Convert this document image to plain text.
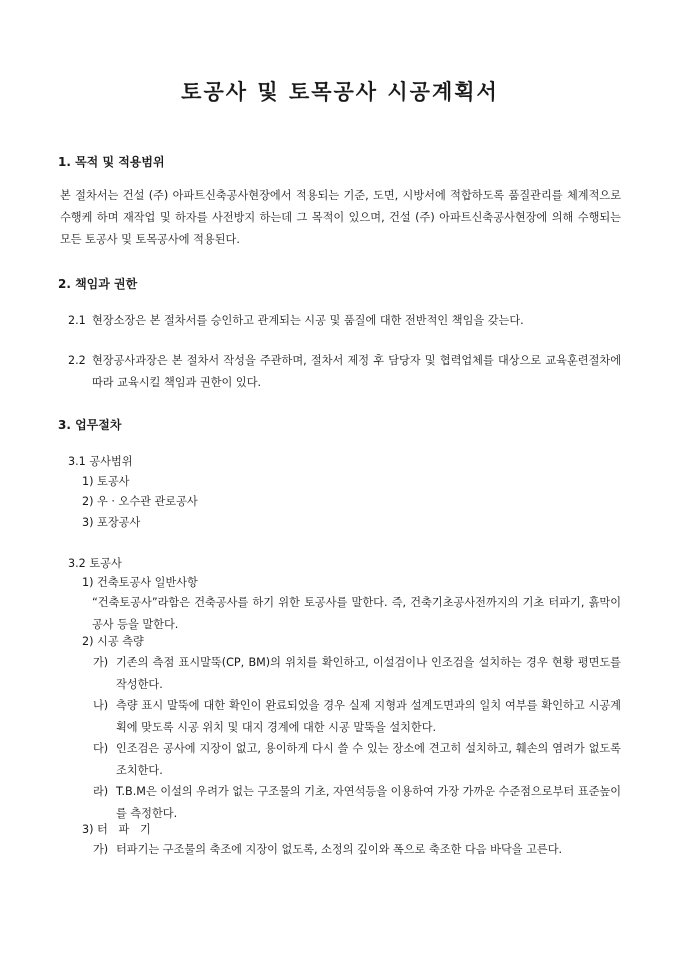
토공사 및 토목공사 시공계획서
1. 목적 및 적용범위
본 절차서는 건설 (주) 아파트신축공사현장에서 적용되는 기준, 도면, 시방서에 적합하도록 품질관리를 체계적으로 수행케 하며 재작업 및 하자를 사전방지 하는데 그 목적이 있으며, 건설 (주) 아파트신축공사현장에 의해 수행되는 모든 토공사 및 토목공사에 적용된다.
2. 책임과 권한
2.1 현장소장은 본 절차서를 승인하고 관계되는 시공 및 품질에 대한 전반적인 책임을 갖는다.
2.2 현장공사과장은 본 절차서 작성을 주관하며, 절차서 제정 후 담당자 및 협력업체를 대상으로 교육훈련절차에 따라 교육시킬 책임과 권한이 있다.
3. 업무절차
3.1 공사범위
1) 토공사
2) 우 · 오수관 관로공사
3) 포장공사
3.2 토공사
1) 건축토공사 일반사항
“건축토공사”라함은 건축공사를 하기 위한 토공사를 말한다. 즉, 건축기초공사전까지의 기초 터파기, 흙막이 공사 등을 말한다.
2) 시공 측량
가) 기존의 측점 표시말뚝(CP, BM)의 위치를 확인하고, 이설검이나 인조검을 설치하는 경우 현황 평면도를 작성한다.
나) 측량 표시 말뚝에 대한 확인이 완료되었을 경우 실제 지형과 설계도면과의 일치 여부를 확인하고 시공계획에 맞도록 시공 위치 및 대지 경계에 대한 시공 말뚝을 설치한다.
다) 인조검은 공사에 지장이 없고, 용이하게 다시 쓸 수 있는 장소에 견고히 설치하고, 훼손의 염려가 없도록 조치한다.
라) T.B.M은 이설의 우려가 없는 구조물의 기초, 자연석등을 이용하여 가장 가까운 수준점으로부터 표준높이를 측정한다.
3) 터   파   기
가) 터파기는 구조물의 축조에 지장이 없도록, 소정의 깊이와 폭으로 축조한 다음 바닥을 고른다.
